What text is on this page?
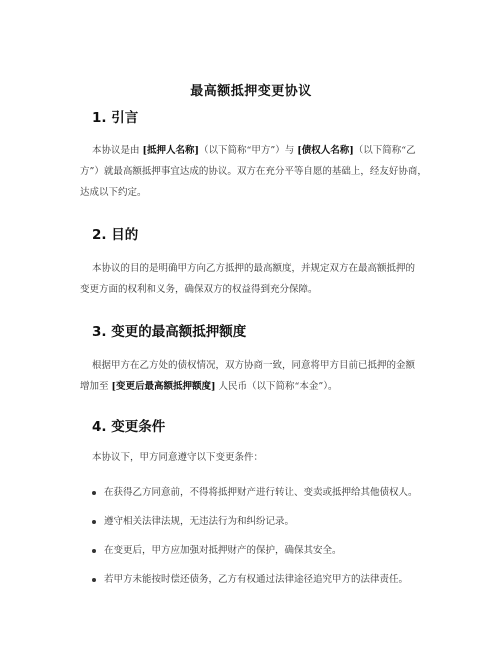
最高额抵押变更协议
1. 引言
本协议是由 [抵押人名称]（以下简称“甲方”）与 [债权人名称]（以下简称“乙
方”）就最高额抵押事宜达成的协议。双方在充分平等自愿的基础上，经友好协商，
达成以下约定。
2. 目的
本协议的目的是明确甲方向乙方抵押的最高额度，并规定双方在最高额抵押的
变更方面的权利和义务，确保双方的权益得到充分保障。
3. 变更的最高额抵押额度
根据甲方在乙方处的债权情况，双方协商一致，同意将甲方目前已抵押的金额
增加至 [变更后最高额抵押额度] 人民币（以下简称“本金”）。
4. 变更条件
本协议下，甲方同意遵守以下变更条件：
在获得乙方同意前，不得将抵押财产进行转让、变卖或抵押给其他债权人。
遵守相关法律法规，无违法行为和纠纷记录。
在变更后，甲方应加强对抵押财产的保护，确保其安全。
若甲方未能按时偿还债务，乙方有权通过法律途径追究甲方的法律责任。
